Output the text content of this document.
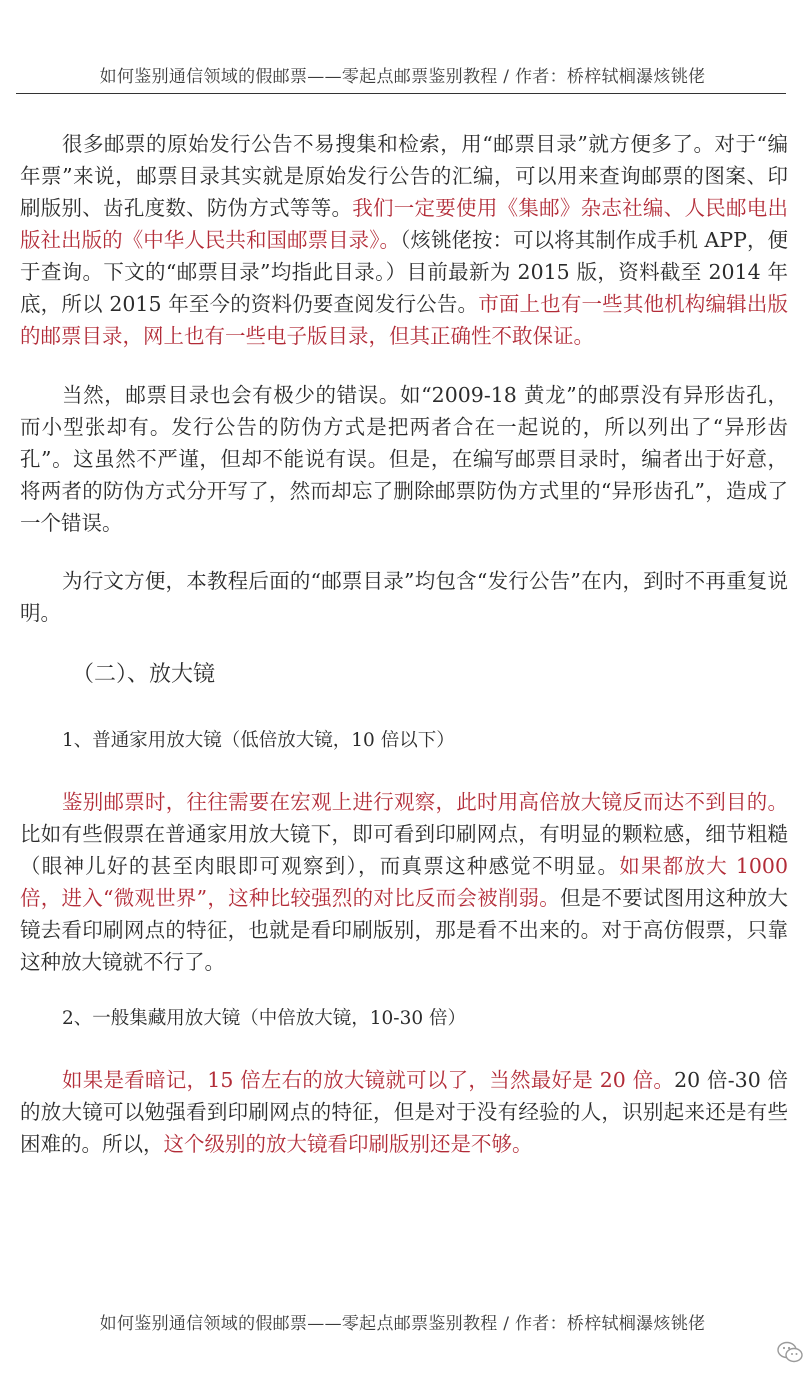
如何鉴别通信领域的假邮票——零起点邮票鉴别教程 / 作者：桥梓轼榈瀑烗铫佬

很多邮票的原始发行公告不易搜集和检索，用“邮票目录”就方便多了。对于“编年票”来说，邮票目录其实就是原始发行公告的汇编，可以用来查询邮票的图案、印刷版别、齿孔度数、防伪方式等等。我们一定要使用《集邮》杂志社编、人民邮电出版社出版的《中华人民共和国邮票目录》。（烗铫佬按：可以将其制作成手机 APP，便于查询。下文的“邮票目录”均指此目录。）目前最新为 2015 版，资料截至 2014 年底，所以 2015 年至今的资料仍要查阅发行公告。市面上也有一些其他机构编辑出版的邮票目录，网上也有一些电子版目录，但其正确性不敢保证。

当然，邮票目录也会有极少的错误。如“2009-18 黄龙”的邮票没有异形齿孔，而小型张却有。发行公告的防伪方式是把两者合在一起说的，所以列出了“异形齿孔”。这虽然不严谨，但却不能说有误。但是，在编写邮票目录时，编者出于好意，将两者的防伪方式分开写了，然而却忘了删除邮票防伪方式里的“异形齿孔”，造成了一个错误。

为行文方便，本教程后面的“邮票目录”均包含“发行公告”在内，到时不再重复说明。

（二）、放大镜
1、普通家用放大镜（低倍放大镜，10 倍以下）

鉴别邮票时，往往需要在宏观上进行观察，此时用高倍放大镜反而达不到目的。比如有些假票在普通家用放大镜下，即可看到印刷网点，有明显的颗粒感，细节粗糙（眼神儿好的甚至肉眼即可观察到），而真票这种感觉不明显。如果都放大 1000 倍，进入“微观世界”，这种比较强烈的对比反而会被削弱。但是不要试图用这种放大镜去看印刷网点的特征，也就是看印刷版别，那是看不出来的。对于高仿假票，只靠这种放大镜就不行了。

2、一般集藏用放大镜（中倍放大镜，10-30 倍）

如果是看暗记，15 倍左右的放大镜就可以了，当然最好是 20 倍。20 倍-30 倍的放大镜可以勉强看到印刷网点的特征，但是对于没有经验的人，识别起来还是有些困难的。所以，这个级别的放大镜看印刷版别还是不够。

如何鉴别通信领域的假邮票——零起点邮票鉴别教程 / 作者：桥梓轼榈瀑烗铫佬
